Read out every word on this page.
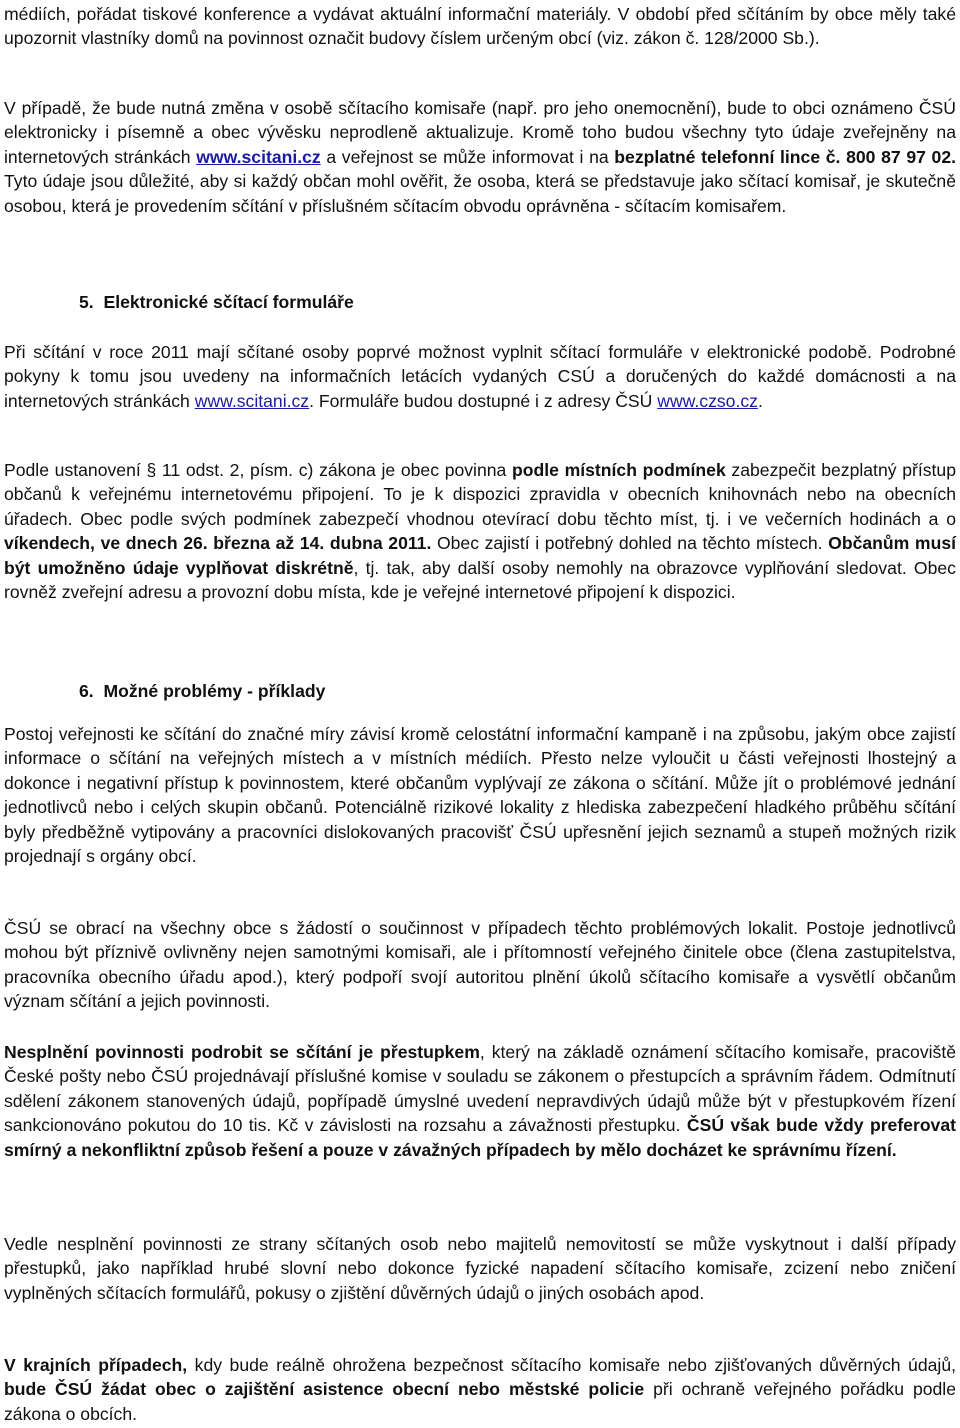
médiích, pořádat tiskové konference a vydávat aktuální informační materiály. V období před sčítáním by obce měly také upozornit vlastníky domů na povinnost označit budovy číslem určeným obcí (viz. zákon č. 128/2000 Sb.).

V případě, že bude nutná změna v osobě sčítacího komisaře (např. pro jeho onemocnění), bude to obci oznámeno ČSÚ elektronicky i písemně a obec vývěsku neprodleně aktualizuje. Kromě toho budou všechny tyto údaje zveřejněny na internetových stránkách www.scitani.cz a veřejnost se může informovat i na bezplatné telefonní lince č. 800 87 97 02. Tyto údaje jsou důležité, aby si každý občan mohl ověřit, že osoba, která se představuje jako sčítací komisař, je skutečně osobou, která je provedením sčítání v příslušném sčítacím obvodu oprávněna - sčítacím komisařem.

5. Elektronické sčítací formuláře

Při sčítání v roce 2011 mají sčítané osoby poprvé možnost vyplnit sčítací formuláře v elektronické podobě. Podrobné pokyny k tomu jsou uvedeny na informačních letácích vydaných CSÚ a doručených do každé domácnosti a na internetových stránkách www.scitani.cz. Formuláře budou dostupné i z adresy ČSÚ www.czso.cz.

Podle ustanovení § 11 odst. 2, písm. c) zákona je obec povinna podle místních podmínek zabezpečit bezplatný přístup občanů k veřejnému internetovému připojení. To je k dispozici zpravidla v obecních knihovnách nebo na obecních úřadech. Obec podle svých podmínek zabezpečí vhodnou otevírací dobu těchto míst, tj. i ve večerních hodinách a o víkendech, ve dnech 26. března až 14. dubna 2011. Obec zajistí i potřebný dohled na těchto místech. Občanům musí být umožněno údaje vyplňovat diskrétně, tj. tak, aby další osoby nemohly na obrazovce vyplňování sledovat. Obec rovněž zveřejní adresu a provozní dobu místa, kde je veřejné internetové připojení k dispozici.

6. Možné problémy - příklady

Postoj veřejnosti ke sčítání do značné míry závisí kromě celostátní informační kampaně i na způsobu, jakým obce zajistí informace o sčítání na veřejných místech a v místních médiích. Přesto nelze vyloučit u části veřejnosti lhostejný a dokonce i negativní přístup k povinnostem, které občanům vyplývají ze zákona o sčítání. Může jít o problémové jednání jednotlivců nebo i celých skupin občanů. Potenciálně rizikové lokality z hlediska zabezpečení hladkého průběhu sčítání byly předběžně vytipovány a pracovníci dislokovaných pracovišť ČSÚ upřesnění jejich seznamů a stupeň možných rizik projednají s orgány obcí.

ČSÚ se obrací na všechny obce s žádostí o součinnost v případech těchto problémových lokalit. Postoje jednotlivců mohou být příznivě ovlivněny nejen samotnými komisaři, ale i přítomností veřejného činitele obce (člena zastupitelstva, pracovníka obecního úřadu apod.), který podpoří svojí autoritou plnění úkolů sčítacího komisaře a vysvětlí občanům význam sčítání a jejich povinnosti.

Nesplnění povinnosti podrobit se sčítání je přestupkem, který na základě oznámení sčítacího komisaře, pracoviště České pošty nebo ČSÚ projednávají příslušné komise v souladu se zákonem o přestupcích a správním řádem. Odmítnutí sdělení zákonem stanovených údajů, popřípadě úmyslné uvedení nepravdivých údajů může být v přestupkovém řízení sankcionováno pokutou do 10 tis. Kč v závislosti na rozsahu a závažnosti přestupku. ČSÚ však bude vždy preferovat smírný a nekonfliktní způsob řešení a pouze v závažných případech by mělo docházet ke správnímu řízení.

Vedle nesplnění povinnosti ze strany sčítaných osob nebo majitelů nemovitostí se může vyskytnout i další případy přestupků, jako například hrubé slovní nebo dokonce fyzické napadení sčítacího komisaře, zcizení nebo zničení vyplněných sčítacích formulářů, pokusy o zjištění důvěrných údajů o jiných osobách apod.

V krajních případech, kdy bude reálně ohrožena bezpečnost sčítacího komisaře nebo zjišťovaných důvěrných údajů, bude ČSÚ žádat obec o zajištění asistence obecní nebo městské policie při ochraně veřejného pořádku podle zákona o obcích.
